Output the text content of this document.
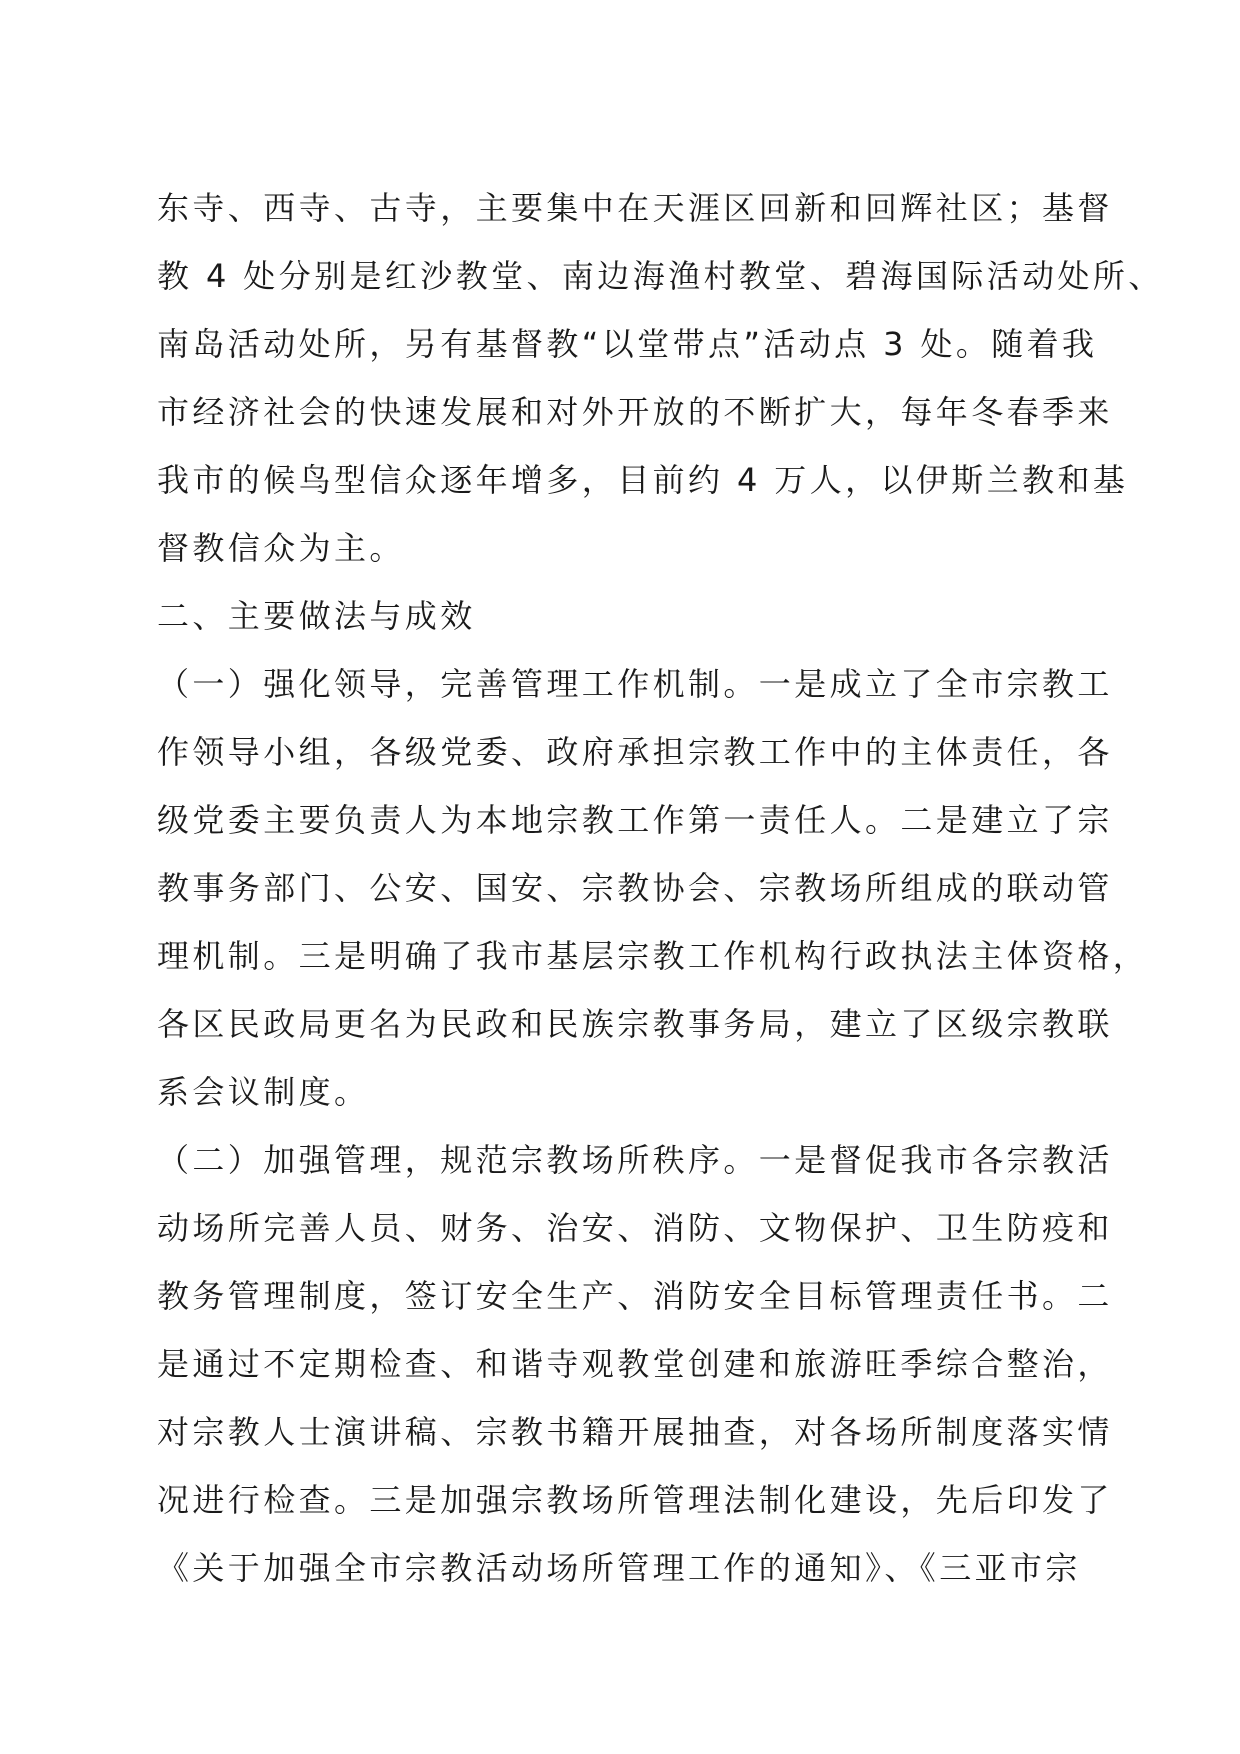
东寺、西寺、古寺，主要集中在天涯区回新和回辉社区；基督
教 4 处分别是红沙教堂、南边海渔村教堂、碧海国际活动处所、
南岛活动处所，另有基督教“以堂带点”活动点 3 处。随着我
市经济社会的快速发展和对外开放的不断扩大，每年冬春季来
我市的候鸟型信众逐年增多，目前约 4 万人，以伊斯兰教和基
督教信众为主。
二、主要做法与成效
（一）强化领导，完善管理工作机制。一是成立了全市宗教工
作领导小组，各级党委、政府承担宗教工作中的主体责任，各
级党委主要负责人为本地宗教工作第一责任人。二是建立了宗
教事务部门、公安、国安、宗教协会、宗教场所组成的联动管
理机制。三是明确了我市基层宗教工作机构行政执法主体资格，
各区民政局更名为民政和民族宗教事务局，建立了区级宗教联
系会议制度。
（二）加强管理，规范宗教场所秩序。一是督促我市各宗教活
动场所完善人员、财务、治安、消防、文物保护、卫生防疫和
教务管理制度，签订安全生产、消防安全目标管理责任书。二
是通过不定期检查、和谐寺观教堂创建和旅游旺季综合整治，
对宗教人士演讲稿、宗教书籍开展抽查，对各场所制度落实情
况进行检查。三是加强宗教场所管理法制化建设，先后印发了
《关于加强全市宗教活动场所管理工作的通知》、《三亚市宗
